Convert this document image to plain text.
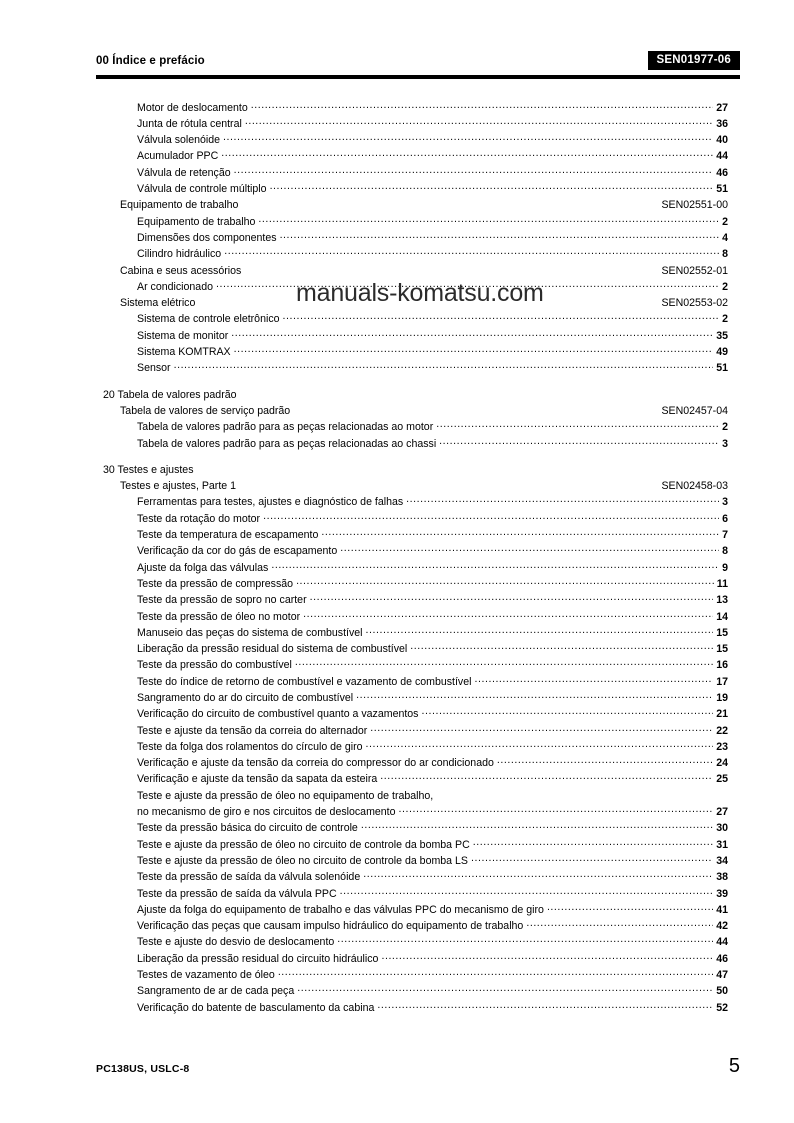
00 Índice e prefácio	SEN01977-06
Motor de deslocamento .....	27
Junta de rótula central .....	36
Válvula solenóide .....	40
Acumulador PPC .....	44
Válvula de retenção .....	46
Válvula de controle múltiplo .....	51
Equipamento de trabalho	SEN02551-00
Equipamento de trabalho .....	2
Dimensões dos componentes .....	4
Cilindro hidráulico .....	8
Cabina e seus acessórios	SEN02552-01
Ar condicionado .....	2
Sistema elétrico	SEN02553-02
Sistema de controle eletrônico .....	2
Sistema de monitor .....	35
Sistema KOMTRAX .....	49
Sensor .....	51
20 Tabela de valores padrão
Tabela de valores de serviço padrão	SEN02457-04
Tabela de valores padrão para as peças relacionadas ao motor .....	2
Tabela de valores padrão para as peças relacionadas ao chassi .....	3
30 Testes e ajustes
Testes e ajustes, Parte 1	SEN02458-03
Ferramentas para testes, ajustes e diagnóstico de falhas .....	3
Teste da rotação do motor .....	6
Teste da temperatura de escapamento .....	7
Verificação da cor do gás de escapamento .....	8
Ajuste da folga das válvulas .....	9
Teste da pressão de compressão .....	11
Teste da pressão de sopro no carter .....	13
Teste da pressão de óleo no motor .....	14
Manuseio das peças do sistema de combustível .....	15
Liberação da pressão residual do sistema de combustível .....	15
Teste da pressão do combustível .....	16
Teste do índice de retorno de combustível e vazamento de combustível .....	17
Sangramento do ar do circuito de combustível .....	19
Verificação do circuito de combustível quanto a vazamentos .....	21
Teste e ajuste da tensão da correia do alternador .....	22
Teste da folga dos rolamentos do círculo de giro .....	23
Verificação e ajuste da tensão da correia do compressor do ar condicionado .....	24
Verificação e ajuste da tensão da sapata da esteira .....	25
Teste e ajuste da pressão de óleo no equipamento de trabalho,
no mecanismo de giro e nos circuitos de deslocamento .....	27
Teste da pressão básica do circuito de controle .....	30
Teste e ajuste da pressão de óleo no circuito de controle da bomba PC .....	31
Teste e ajuste da pressão de óleo no circuito de controle da bomba LS .....	34
Teste da pressão de saída da válvula solenóide .....	38
Teste da pressão de saída da válvula PPC .....	39
Ajuste da folga do equipamento de trabalho e das válvulas PPC do mecanismo de giro .....	41
Verificação das peças que causam impulso hidráulico do equipamento de trabalho .....	42
Teste e ajuste do desvio de deslocamento .....	44
Liberação da pressão residual do circuito hidráulico .....	46
Testes de vazamento de óleo .....	47
Sangramento de ar de cada peça .....	50
Verificação do batente de basculamento da cabina .....	52
manuals-komatsu.com
PC138US, USLC-8	5
